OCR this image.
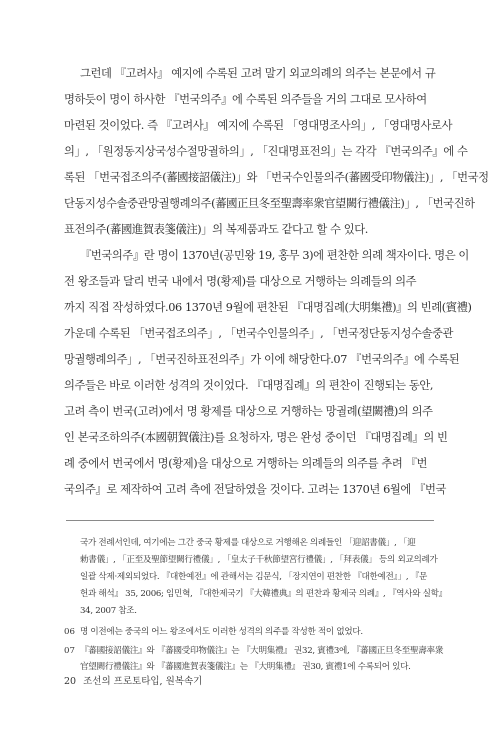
그런데 『고려사』 예지에 수록된 고려 말기 외교의례의 의주는 본문에서 규
명하듯이 명이 하사한 『번국의주』에 수록된 의주들을 거의 그대로 모사하여
마련된 것이었다. 즉 『고려사』 예지에 수록된 「영대명조사의」, 「영대명사로사
의」, 「원정동지상국성수절망궐하의」, 「진대명표전의」는 각각 『번국의주』에 수
록된 「번국접조의주(蕃國接詔儀注)」와 「번국수인물의주(蕃國受印物儀注)」, 「번국정
단동지성수솔중관망궐행례의주(蕃國正旦冬至聖壽率衆官望闕行禮儀注)」, 「번국진하
표전의주(蕃國進賀表箋儀注)」의 복제품과도 같다고 할 수 있다.
『번국의주』란 명이 1370년(공민왕 19, 홍무 3)에 편찬한 의례 책자이다. 명은 이
전 왕조들과 달리 번국 내에서 명(황제)를 대상으로 거행하는 의례들의 의주
까지 직접 작성하였다.06 1370년 9월에 편찬된 『대명집례(大明集禮)』의 빈례(賓禮)
가운데 수록된 「번국접조의주」, 「번국수인물의주」, 「번국정단동지성수솔중관
망궐행례의주」, 「번국진하표전의주」가 이에 해당한다.07 『번국의주』에 수록된
의주들은 바로 이러한 성격의 것이었다. 『대명집례』의 편찬이 진행되는 동안,
고려 측이 번국(고려)에서 명 황제를 대상으로 거행하는 망궐례(望闕禮)의 의주
인 본국조하의주(本國朝賀儀注)를 요청하자, 명은 완성 중이던 『대명집례』의 빈
례 중에서 번국에서 명(황제)을 대상으로 거행하는 의례들의 의주를 추려 『번
국의주』로 제작하여 고려 측에 전달하였을 것이다. 고려는 1370년 6월에 『번국
국가 전례서인데, 여기에는 그간 중국 황제를 대상으로 거행해온 의례들인 「迎詔書儀」, 「迎
勅書儀」, 「正至及聖節望闕行禮儀」, 「皇太子千秋節望宮行禮儀」, 「拜表儀」 등의 외교의례가
일괄 삭제·제외되었다. 『대한예전』에 관해서는 김문식, 「장지연이 편찬한 『대한예전』」, 『문
헌과 해석』 35, 2006; 임민혁, 『대한제국기 『大韓禮典』의 편찬과 황제국 의례』, 『역사와 실학』
34, 2007 참조.
06 명 이전에는 중국의 어느 왕조에서도 이러한 성격의 의주를 작성한 적이 없었다.
07 『蕃國接詔儀注』와 『蕃國受印物儀注』는 『大明集禮』 권32, 賓禮3에, 『蕃國正旦冬至聖壽率衆
官望闕行禮儀注』와 『蕃國進賀表箋儀注』는 『大明集禮』 권30, 賓禮1에 수록되어 있다.
20 조선의 프로토타입, 원복속기
